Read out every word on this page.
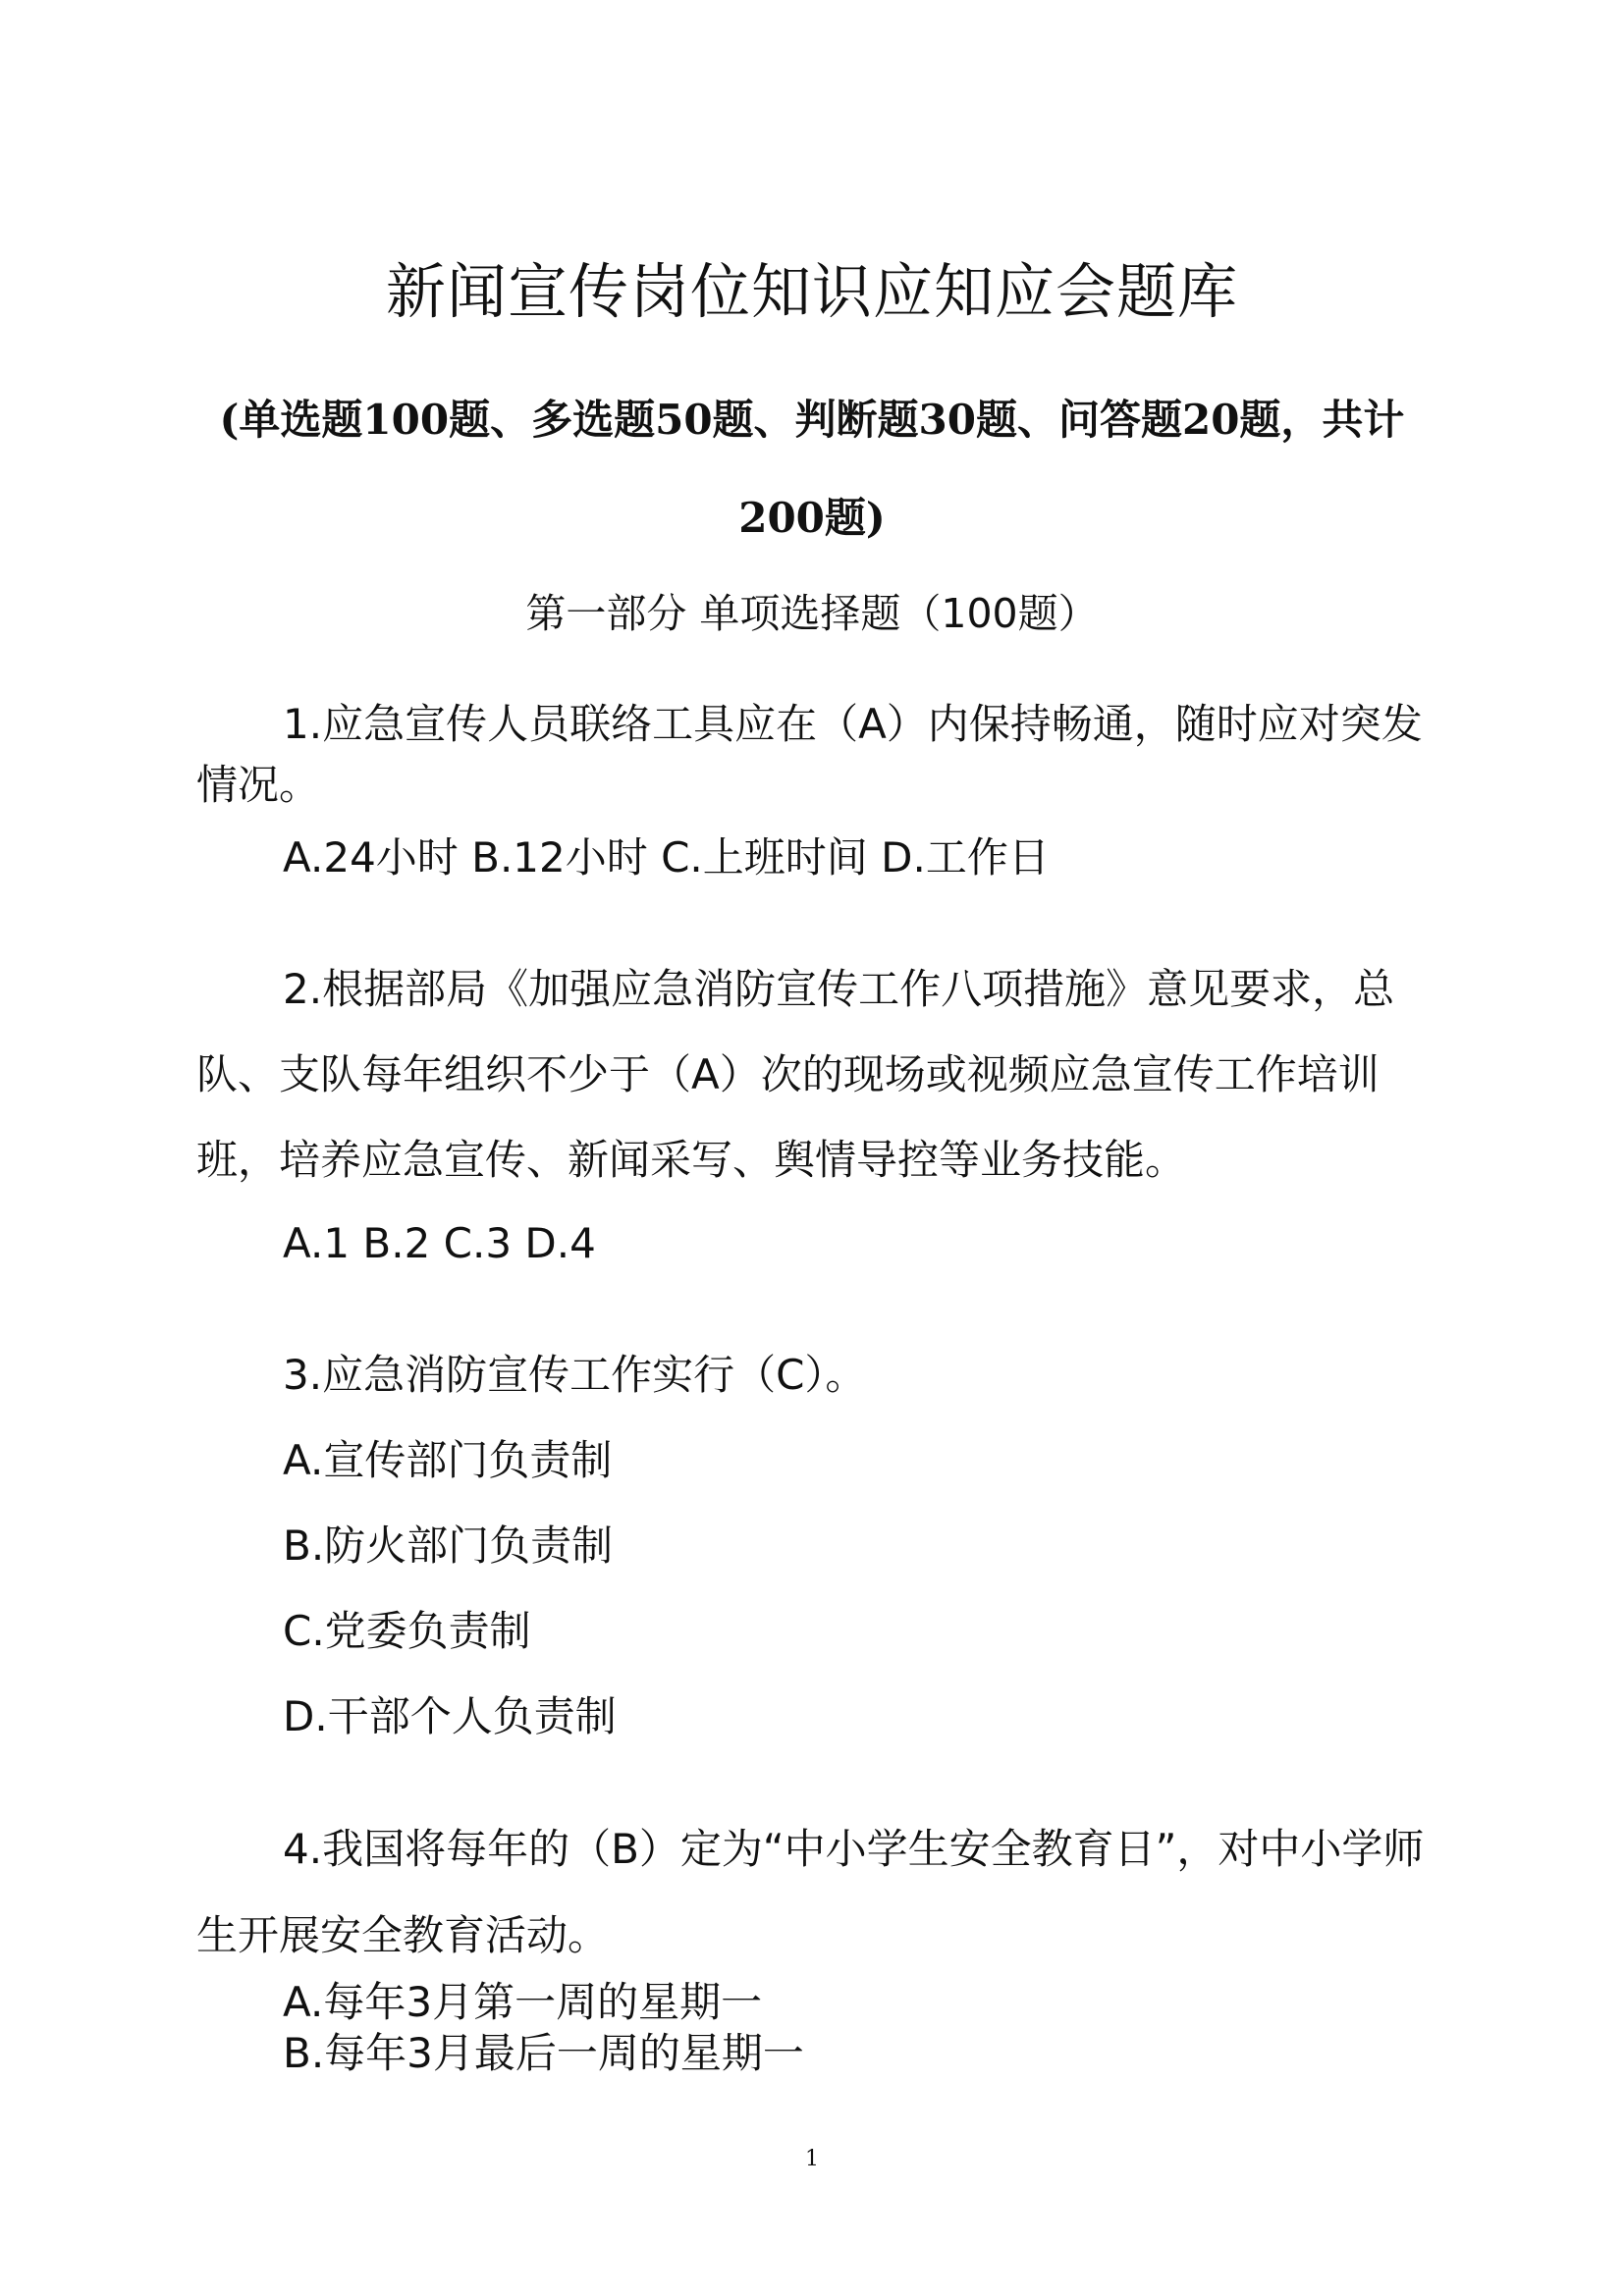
新闻宣传岗位知识应知应会题库
(单选题100题、多选题50题、判断题30题、问答题20题，共计200题)
第一部分 单项选择题（100题）
1.应急宣传人员联络工具应在（A）内保持畅通，随时应对突发情况。
A.24小时 B.12小时 C.上班时间 D.工作日
2.根据部局《加强应急消防宣传工作八项措施》意见要求，总队、支队每年组织不少于（A）次的现场或视频应急宣传工作培训班，培养应急宣传、新闻采写、舆情导控等业务技能。
A.1 B.2 C.3 D.4
3.应急消防宣传工作实行（C）。
A.宣传部门负责制
B.防火部门负责制
C.党委负责制
D.干部个人负责制
4.我国将每年的（B）定为“中小学生安全教育日”，对中小学师生开展安全教育活动。
A.每年3月第一周的星期一
B.每年3月最后一周的星期一
1
